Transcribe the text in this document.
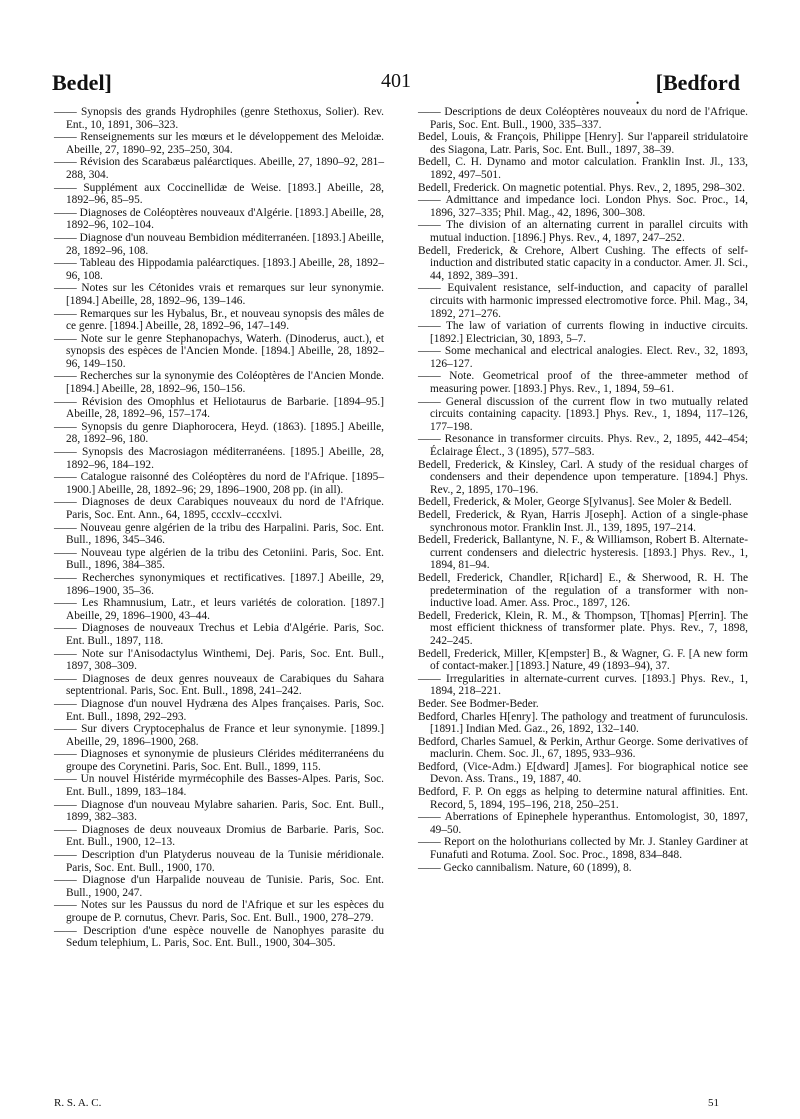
Bedel]	401	[Bedford
•

—— Synopsis des grands Hydrophiles (genre Stethoxus, Solier). Rev. Ent., 10, 1891, 306–323.

—— Renseignements sur les mœurs et le développement des Meloidæ. Abeille, 27, 1890–92, 235–250, 304.

—— Révision des Scarabæus paléarctiques. Abeille, 27, 1890–92, 281–288, 304.

—— Supplément aux Coccinellidæ de Weise. [1893.] Abeille, 28, 1892–96, 85–95.

—— Diagnoses de Coléoptères nouveaux d'Algérie. [1893.] Abeille, 28, 1892–96, 102–104.

—— Diagnose d'un nouveau Bembidion méditerranéen. [1893.] Abeille, 28, 1892–96, 108.

—— Tableau des Hippodamia paléarctiques. [1893.] Abeille, 28, 1892–96, 108.

—— Notes sur les Cétonides vrais et remarques sur leur synonymie. [1894.] Abeille, 28, 1892–96, 139–146.

—— Remarques sur les Hybalus, Br., et nouveau synopsis des mâles de ce genre. [1894.] Abeille, 28, 1892–96, 147–149.

—— Note sur le genre Stephanopachys, Waterh. (Dinoderus, auct.), et synopsis des espèces de l'Ancien Monde. [1894.] Abeille, 28, 1892–96, 149–150.

—— Recherches sur la synonymie des Coléoptères de l'Ancien Monde. [1894.] Abeille, 28, 1892–96, 150–156.

—— Révision des Omophlus et Heliotaurus de Barbarie. [1894–95.] Abeille, 28, 1892–96, 157–174.

—— Synopsis du genre Diaphorocera, Heyd. (1863). [1895.] Abeille, 28, 1892–96, 180.

—— Synopsis des Macrosiagon méditerranéens. [1895.] Abeille, 28, 1892–96, 184–192.

—— Catalogue raisonné des Coléoptères du nord de l'Afrique. [1895–1900.] Abeille, 28, 1892–96; 29, 1896–1900, 208 pp. (in all).

—— Diagnoses de deux Carabiques nouveaux du nord de l'Afrique. Paris, Soc. Ent. Ann., 64, 1895, cccxlv–cccxlvi.

—— Nouveau genre algérien de la tribu des Harpalini. Paris, Soc. Ent. Bull., 1896, 345–346.

—— Nouveau type algérien de la tribu des Cetoniini. Paris, Soc. Ent. Bull., 1896, 384–385.

—— Recherches synonymiques et rectificatives. [1897.] Abeille, 29, 1896–1900, 35–36.

—— Les Rhamnusium, Latr., et leurs variétés de coloration. [1897.] Abeille, 29, 1896–1900, 43–44.

—— Diagnoses de nouveaux Trechus et Lebia d'Algérie. Paris, Soc. Ent. Bull., 1897, 118.

—— Note sur l'Anisodactylus Winthemi, Dej. Paris, Soc. Ent. Bull., 1897, 308–309.

—— Diagnoses de deux genres nouveaux de Carabiques du Sahara septentrional. Paris, Soc. Ent. Bull., 1898, 241–242.

—— Diagnose d'un nouvel Hydræna des Alpes françaises. Paris, Soc. Ent. Bull., 1898, 292–293.

—— Sur divers Cryptocephalus de France et leur synonymie. [1899.] Abeille, 29, 1896–1900, 268.

—— Diagnoses et synonymie de plusieurs Clérides méditerranéens du groupe des Corynetini. Paris, Soc. Ent. Bull., 1899, 115.

—— Un nouvel Histéride myrmécophile des Basses-Alpes. Paris, Soc. Ent. Bull., 1899, 183–184.

—— Diagnose d'un nouveau Mylabre saharien. Paris, Soc. Ent. Bull., 1899, 382–383.

—— Diagnoses de deux nouveaux Dromius de Barbarie. Paris, Soc. Ent. Bull., 1900, 12–13.

—— Description d'un Platyderus nouveau de la Tunisie méridionale. Paris, Soc. Ent. Bull., 1900, 170.

—— Diagnose d'un Harpalide nouveau de Tunisie. Paris, Soc. Ent. Bull., 1900, 247.

—— Notes sur les Paussus du nord de l'Afrique et sur les espèces du groupe de P. cornutus, Chevr. Paris, Soc. Ent. Bull., 1900, 278–279.

—— Description d'une espèce nouvelle de Nanophyes parasite du Sedum telephium, L. Paris, Soc. Ent. Bull., 1900, 304–305.

—— Descriptions de deux Coléoptères nouveaux du nord de l'Afrique. Paris, Soc. Ent. Bull., 1900, 335–337.

Bedel, Louis, & François, Philippe [Henry]. Sur l'appareil stridulatoire des Siagona, Latr. Paris, Soc. Ent. Bull., 1897, 38–39.

Bedell, C. H. Dynamo and motor calculation. Franklin Inst. Jl., 133, 1892, 497–501.

Bedell, Frederick. On magnetic potential. Phys. Rev., 2, 1895, 298–302.

—— Admittance and impedance loci. London Phys. Soc. Proc., 14, 1896, 327–335; Phil. Mag., 42, 1896, 300–308.

—— The division of an alternating current in parallel circuits with mutual induction. [1896.] Phys. Rev., 4, 1897, 247–252.

Bedell, Frederick, & Crehore, Albert Cushing. The effects of self-induction and distributed static capacity in a conductor. Amer. Jl. Sci., 44, 1892, 389–391.

—— Equivalent resistance, self-induction, and capacity of parallel circuits with harmonic impressed electromotive force. Phil. Mag., 34, 1892, 271–276.

—— The law of variation of currents flowing in inductive circuits. [1892.] Electrician, 30, 1893, 5–7.

—— Some mechanical and electrical analogies. Elect. Rev., 32, 1893, 126–127.

—— Note. Geometrical proof of the three-ammeter method of measuring power. [1893.] Phys. Rev., 1, 1894, 59–61.

—— General discussion of the current flow in two mutually related circuits containing capacity. [1893.] Phys. Rev., 1, 1894, 117–126, 177–198.

—— Resonance in transformer circuits. Phys. Rev., 2, 1895, 442–454; Éclairage Élect., 3 (1895), 577–583.

Bedell, Frederick, & Kinsley, Carl. A study of the residual charges of condensers and their dependence upon temperature. [1894.] Phys. Rev., 2, 1895, 170–196.

Bedell, Frederick, & Moler, George S[ylvanus]. See Moler & Bedell.

Bedell, Frederick, & Ryan, Harris J[oseph]. Action of a single-phase synchronous motor. Franklin Inst. Jl., 139, 1895, 197–214.

Bedell, Frederick, Ballantyne, N. F., & Williamson, Robert B. Alternate-current condensers and dielectric hysteresis. [1893.] Phys. Rev., 1, 1894, 81–94.

Bedell, Frederick, Chandler, R[ichard] E., & Sherwood, R. H. The predetermination of the regulation of a transformer with non-inductive load. Amer. Ass. Proc., 1897, 126.

Bedell, Frederick, Klein, R. M., & Thompson, T[homas] P[errin]. The most efficient thickness of transformer plate. Phys. Rev., 7, 1898, 242–245.

Bedell, Frederick, Miller, K[empster] B., & Wagner, G. F. [A new form of contact-maker.] [1893.] Nature, 49 (1893–94), 37.

—— Irregularities in alternate-current curves. [1893.] Phys. Rev., 1, 1894, 218–221.

Beder. See Bodmer-Beder.

Bedford, Charles H[enry]. The pathology and treatment of furunculosis. [1891.] Indian Med. Gaz., 26, 1892, 132–140.

Bedford, Charles Samuel, & Perkin, Arthur George. Some derivatives of maclurin. Chem. Soc. Jl., 67, 1895, 933–936.

Bedford, (Vice-Adm.) E[dward] J[ames]. For biographical notice see Devon. Ass. Trans., 19, 1887, 40.

Bedford, F. P. On eggs as helping to determine natural affinities. Ent. Record, 5, 1894, 195–196, 218, 250–251.

—— Aberrations of Epinephele hyperanthus. Entomologist, 30, 1897, 49–50.

—— Report on the holothurians collected by Mr. J. Stanley Gardiner at Funafuti and Rotuma. Zool. Soc. Proc., 1898, 834–848.

—— Gecko cannibalism. Nature, 60 (1899), 8.

R. S. A. C.	51
